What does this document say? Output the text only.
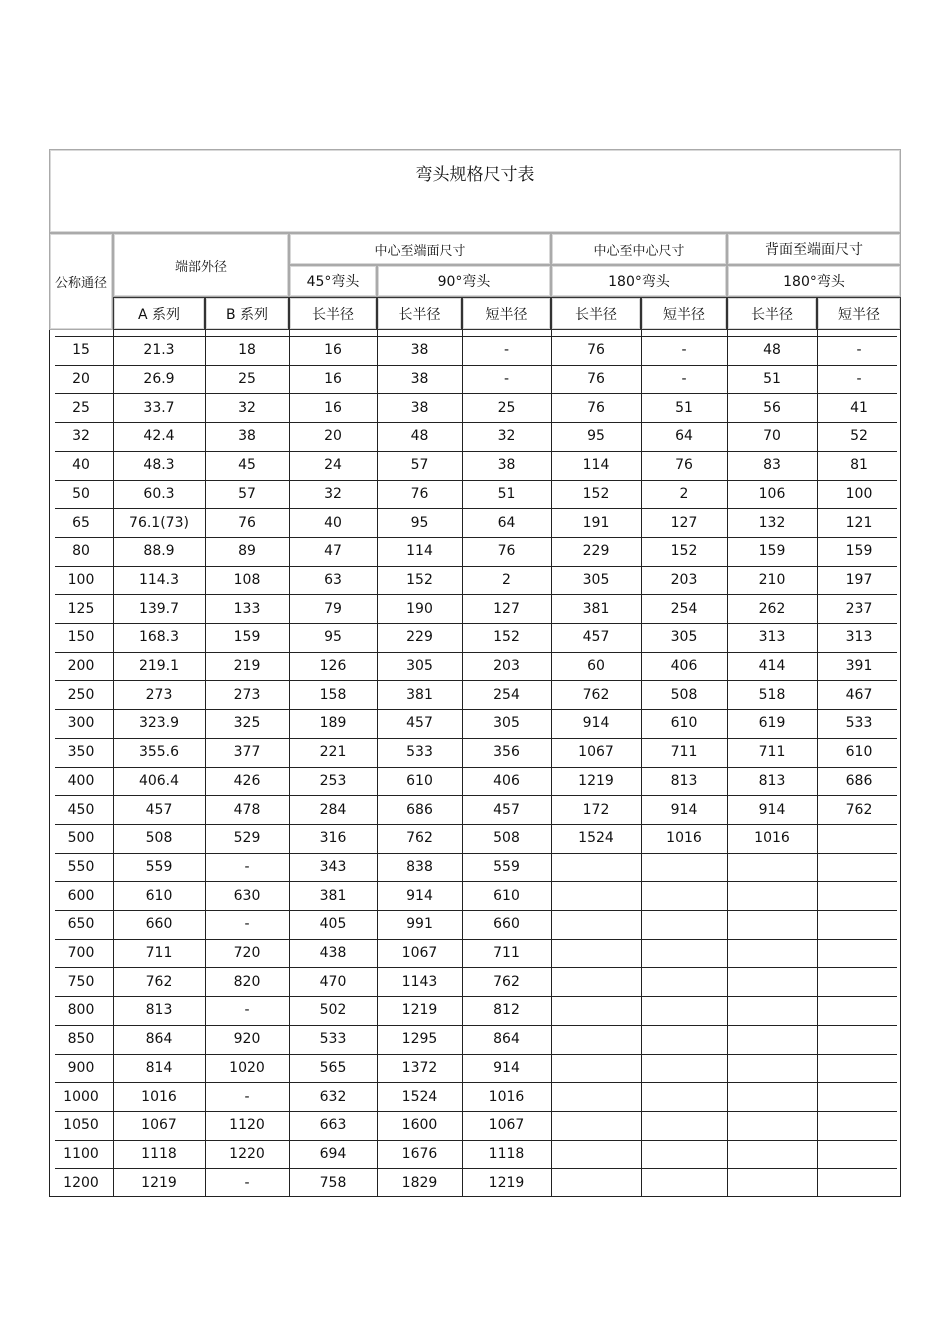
弯头规格尺寸表
公称通径
端部外径
中心至端面尺寸	中心至中心尺寸	背面至端面尺寸
45°弯头	90°弯头	180°弯头	180°弯头
A 系列	B 系列	长半径	长半径	短半径	长半径	短半径	长半径	短半径
15	21.3	18	16	38	-	76	-	48	-
20	26.9	25	16	38	-	76	-	51	-
25	33.7	32	16	38	25	76	51	56	41
32	42.4	38	20	48	32	95	64	70	52
40	48.3	45	24	57	38	114	76	83	81
50	60.3	57	32	76	51	152	2	106	100
65	76.1(73)	76	40	95	64	191	127	132	121
80	88.9	89	47	114	76	229	152	159	159
100	114.3	108	63	152	2	305	203	210	197
125	139.7	133	79	190	127	381	254	262	237
150	168.3	159	95	229	152	457	305	313	313
200	219.1	219	126	305	203	60	406	414	391
250	273	273	158	381	254	762	508	518	467
300	323.9	325	189	457	305	914	610	619	533
350	355.6	377	221	533	356	1067	711	711	610
400	406.4	426	253	610	406	1219	813	813	686
450	457	478	284	686	457	172	914	914	762
500	508	529	316	762	508	1524	1016	1016
550	559	-	343	838	559
600	610	630	381	914	610
650	660	-	405	991	660
700	711	720	438	1067	711
750	762	820	470	1143	762
800	813	-	502	1219	812
850	864	920	533	1295	864
900	814	1020	565	1372	914
1000	1016	-	632	1524	1016
1050	1067	1120	663	1600	1067
1100	1118	1220	694	1676	1118
1200	1219	-	758	1829	1219
